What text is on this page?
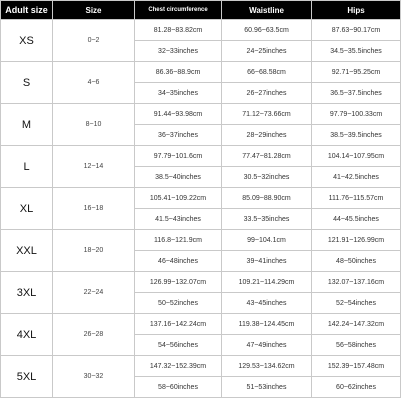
Adult size	Size	Chest circumference	Waistline	Hips
XS	0~2	81.28~83.82cm	60.96~63.5cm	87.63~90.17cm
		32~33inches	24~25inches	34.5~35.5inches
S	4~6	86.36~88.9cm	66~68.58cm	92.71~95.25cm
		34~35inches	26~27inches	36.5~37.5inches
M	8~10	91.44~93.98cm	71.12~73.66cm	97.79~100.33cm
		36~37inches	28~29inches	38.5~39.5inches
L	12~14	97.79~101.6cm	77.47~81.28cm	104.14~107.95cm
		38.5~40inches	30.5~32inches	41~42.5inches
XL	16~18	105.41~109.22cm	85.09~88.90cm	111.76~115.57cm
		41.5~43inches	33.5~35inches	44~45.5inches
XXL	18~20	116.8~121.9cm	99~104.1cm	121.91~126.99cm
		46~48inches	39~41inches	48~50inches
3XL	22~24	126.99~132.07cm	109.21~114.29cm	132.07~137.16cm
		50~52inches	43~45inches	52~54inches
4XL	26~28	137.16~142.24cm	119.38~124.45cm	142.24~147.32cm
		54~56inches	47~49inches	56~58inches
5XL	30~32	147.32~152.39cm	129.53~134.62cm	152.39~157.48cm
		58~60inches	51~53inches	60~62inches
